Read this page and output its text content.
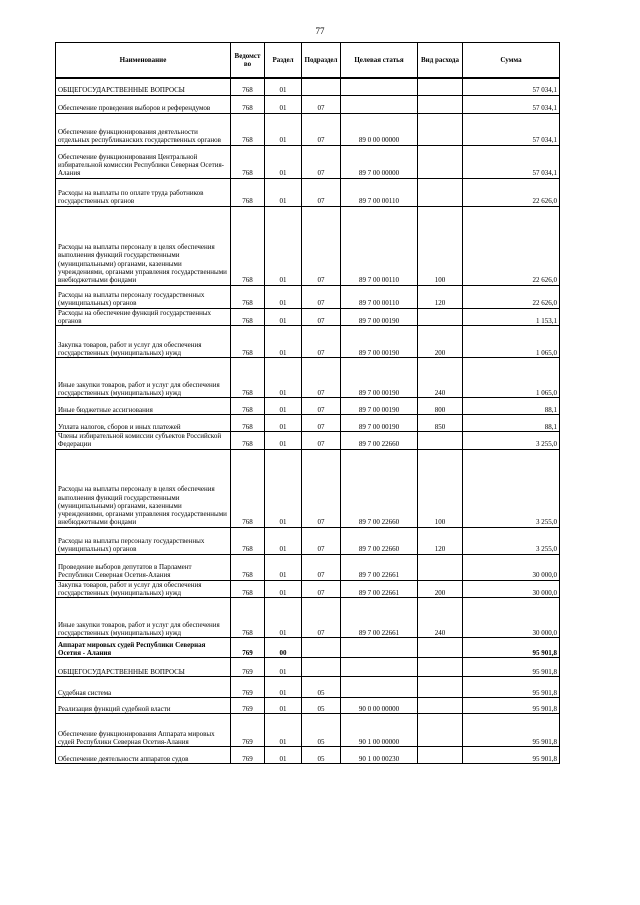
77
Наименование	Ведомст во	Раздел	Подраздел	Целевая статья	Вид расхода	Сумма
ОБЩЕГОСУДАРСТВЕННЫЕ ВОПРОСЫ	768	01				57 034,1
Обеспечение проведения выборов и референдумов	768	01	07			57 034,1
Обеспечение функционирования деятельности отдельных республиканских государственных органов	768	01	07	89 0 00 00000		57 034,1
Обеспечение функционирования Центральной избирательной комиссии Республики Северная Осетия-Алания	768	01	07	89 7 00 00000		57 034,1
Расходы на выплаты по оплате труда работников государственных органов	768	01	07	89 7 00 00110		22 626,0
Расходы на выплаты персоналу в целях обеспечения выполнения функций государственными (муниципальными) органами, казенными учреждениями, органами управления государственными внебюджетными фондами	768	01	07	89 7 00 00110	100	22 626,0
Расходы на выплаты персоналу государственных (муниципальных) органов	768	01	07	89 7 00 00110	120	22 626,0
Расходы на обеспечение функций государственных органов	768	01	07	89 7 00 00190		1 153,1
Закупка товаров, работ и услуг для обеспечения государственных (муниципальных) нужд	768	01	07	89 7 00 00190	200	1 065,0
Иные закупки товаров, работ и услуг для обеспечения государственных (муниципальных) нужд	768	01	07	89 7 00 00190	240	1 065,0
Иные бюджетные ассигнования	768	01	07	89 7 00 00190	800	88,1
Уплата налогов, сборов и иных платежей	768	01	07	89 7 00 00190	850	88,1
Члены избирательной комиссии субъектов Российской Федерации	768	01	07	89 7 00 22660		3 255,0
Расходы на выплаты персоналу в целях обеспечения выполнения функций государственными (муниципальными) органами, казенными учреждениями, органами управления государственными внебюджетными фондами	768	01	07	89 7 00 22660	100	3 255,0
Расходы на выплаты персоналу государственных (муниципальных) органов	768	01	07	89 7 00 22660	120	3 255,0
Проведение выборов депутатов в Парламент Республики Северная Осетия-Алания	768	01	07	89 7 00 22661		30 000,0
Закупка товаров, работ и услуг для обеспечения государственных (муниципальных) нужд	768	01	07	89 7 00 22661	200	30 000,0
Иные закупки товаров, работ и услуг для обеспечения государственных (муниципальных) нужд	768	01	07	89 7 00 22661	240	30 000,0
Аппарат мировых судей Республики Северная Осетия - Алания	769	00				95 901,8
ОБЩЕГОСУДАРСТВЕННЫЕ ВОПРОСЫ	769	01				95 901,8
Судебная система	769	01	05			95 901,8
Реализация функций судебной власти	769	01	05	90 0 00 00000		95 901,8
Обеспечение функционирования Аппарата мировых судей Республики Северная Осетия-Алания	769	01	05	90 1 00 00000		95 901,8
Обеспечение деятельности аппаратов судов	769	01	05	90 1 00 00230		95 901,8
